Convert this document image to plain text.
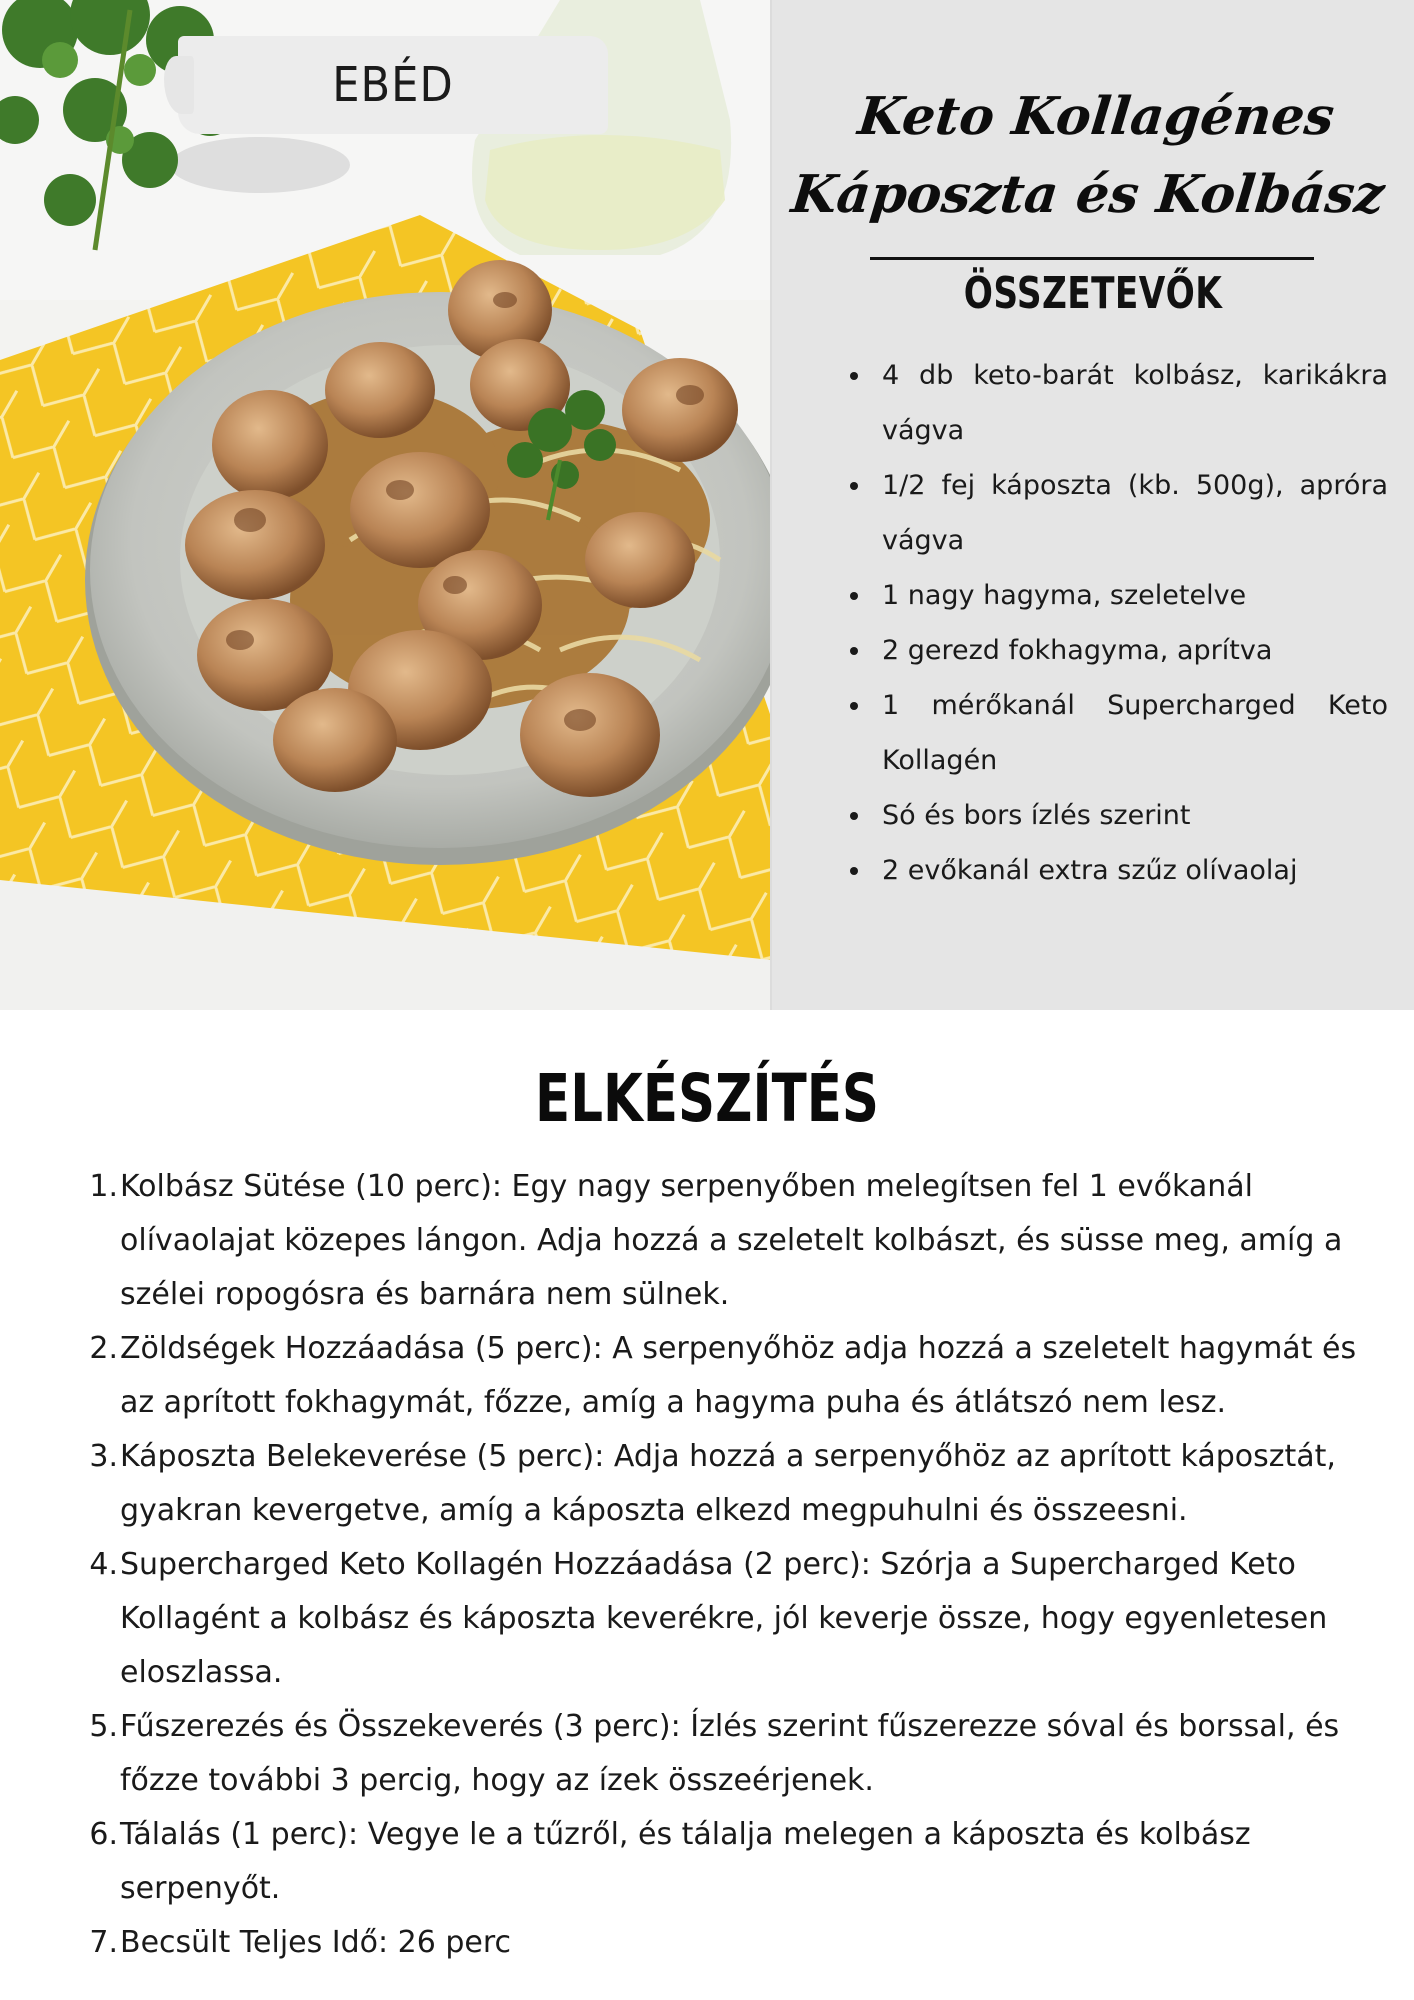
EBÉD
Keto Kollagénes Káposzta és Kolbász
ÖSSZETEVŐK
4 db keto-barát kolbász, karikákra vágva
1/2 fej káposzta (kb. 500g), apróra vágva
1 nagy hagyma, szeletelve
2 gerezd fokhagyma, aprítva
1 mérőkanál Supercharged Keto Kollagén
Só és bors ízlés szerint
2 evőkanál extra szűz olívaolaj
ELKÉSZÍTÉS
1. Kolbász Sütése (10 perc): Egy nagy serpenyőben melegítsen fel 1 evőkanál olívaolajat közepes lángon. Adja hozzá a szeletelt kolbászt, és süsse meg, amíg a szélei ropogósra és barnára nem sülnek.
2. Zöldségek Hozzáadása (5 perc): A serpenyőhöz adja hozzá a szeletelt hagymát és az aprított fokhagymát, főzze, amíg a hagyma puha és átlátszó nem lesz.
3. Káposzta Belekeverése (5 perc): Adja hozzá a serpenyőhöz az aprított káposztát, gyakran kevergetve, amíg a káposzta elkezd megpuhulni és összeesni.
4. Supercharged Keto Kollagén Hozzáadása (2 perc): Szórja a Supercharged Keto Kollagént a kolbász és káposzta keverékre, jól keverje össze, hogy egyenletesen eloszlassa.
5. Fűszerezés és Összekeverés (3 perc): Ízlés szerint fűszerezze sóval és borssal, és főzze további 3 percig, hogy az ízek összeérjenek.
6. Tálalás (1 perc): Vegye le a tűzről, és tálalja melegen a káposzta és kolbász serpenyőt.
7. Becsült Teljes Idő: 26 perc
